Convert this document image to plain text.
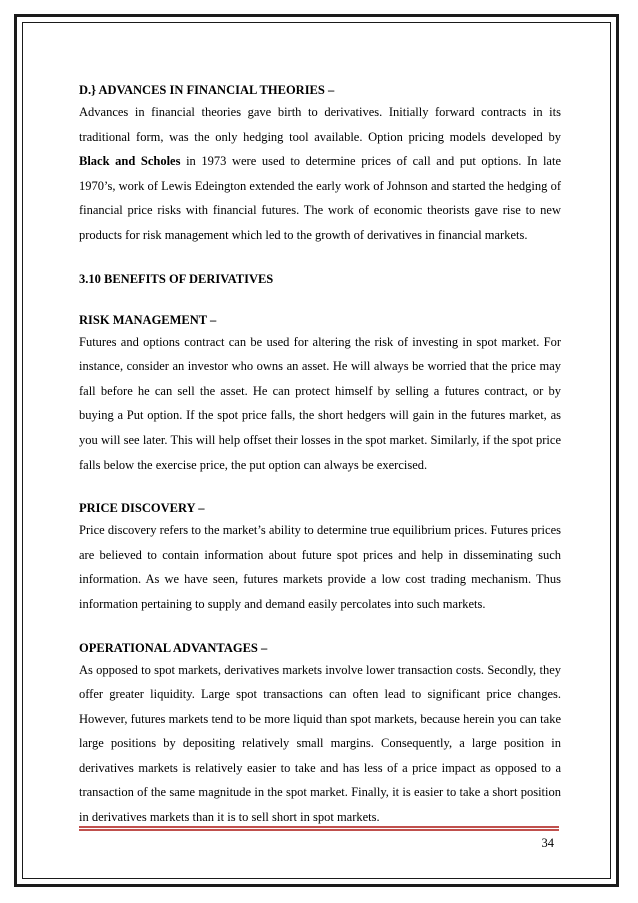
D.} ADVANCES IN FINANCIAL THEORIES –

Advances in financial theories gave birth to derivatives. Initially forward contracts in its traditional form, was the only hedging tool available. Option pricing models developed by Black and Scholes in 1973 were used to determine prices of call and put options. In late 1970’s, work of Lewis Edeington extended the early work of Johnson and started the hedging of financial price risks with financial futures. The work of economic theorists gave rise to new products for risk management which led to the growth of derivatives in financial markets.

3.10 BENEFITS OF DERIVATIVES

RISK MANAGEMENT –

Futures and options contract can be used for altering the risk of investing in spot market. For instance, consider an investor who owns an asset. He will always be worried that the price may fall before he can sell the asset. He can protect himself by selling a futures contract, or by buying a Put option. If the spot price falls, the short hedgers will gain in the futures market, as you will see later. This will help offset their losses in the spot market. Similarly, if the spot price falls below the exercise price, the put option can always be exercised.

PRICE DISCOVERY –

Price discovery refers to the market’s ability to determine true equilibrium prices. Futures prices are believed to contain information about future spot prices and help in disseminating such information. As we have seen, futures markets provide a low cost trading mechanism. Thus information pertaining to supply and demand easily percolates into such markets.

OPERATIONAL ADVANTAGES –

As opposed to spot markets, derivatives markets involve lower transaction costs. Secondly, they offer greater liquidity. Large spot transactions can often lead to significant price changes. However, futures markets tend to be more liquid than spot markets, because herein you can take large positions by depositing relatively small margins. Consequently, a large position in derivatives markets is relatively easier to take and has less of a price impact as opposed to a transaction of the same magnitude in the spot market. Finally, it is easier to take a short position in derivatives markets than it is to sell short in spot markets.

34
